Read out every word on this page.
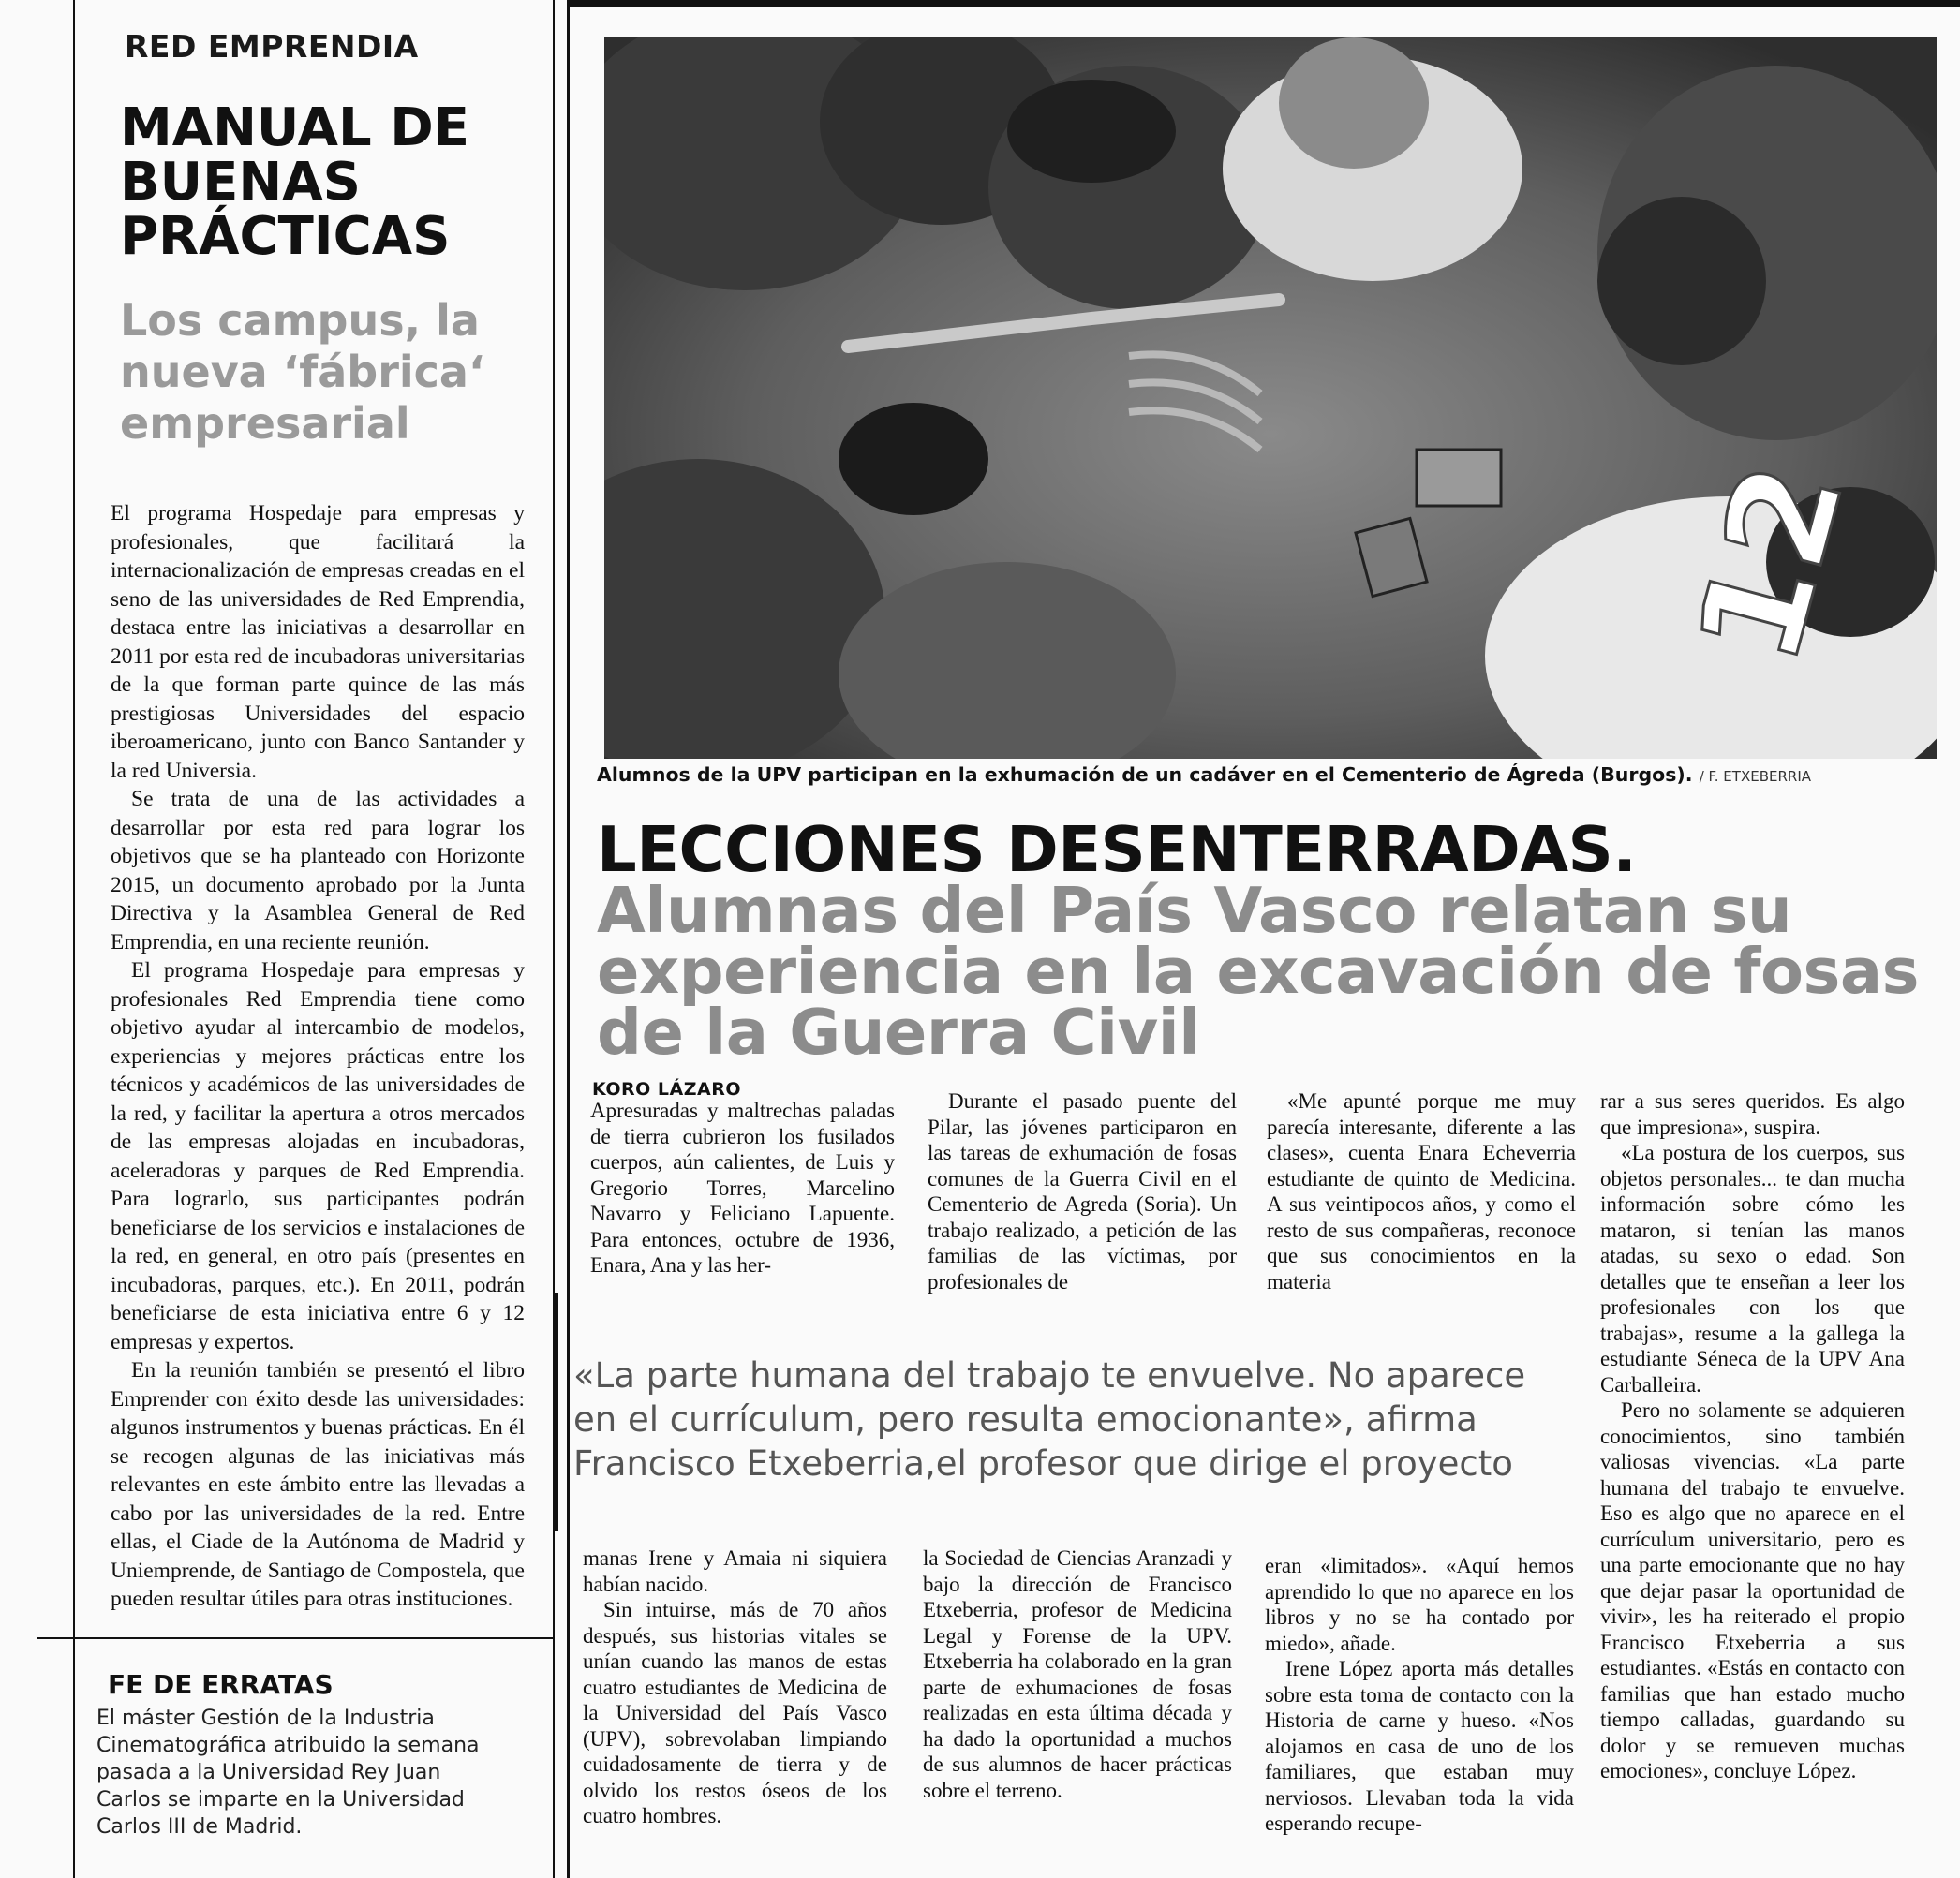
RED EMPRENDIA
MANUAL DE BUENAS PRÁCTICAS
Los campus, la nueva ‘fábrica‘ empresarial

El programa Hospedaje para empresas y profesionales, que facilitará la internacionalización de empresas creadas en el seno de las universidades de Red Emprendia, destaca entre las iniciativas a desarrollar en 2011 por esta red de incubadoras universitarias de la que forman parte quince de las más prestigiosas Universidades del espacio iberoamericano, junto con Banco Santander y la red Universia.

Se trata de una de las actividades a desarrollar por esta red para lograr los objetivos que se ha planteado con Horizonte 2015, un documento aprobado por la Junta Directiva y la Asamblea General de Red Emprendia, en una reciente reunión.

El programa Hospedaje para empresas y profesionales Red Emprendia tiene como objetivo ayudar al intercambio de modelos, experiencias y mejores prácticas entre los técnicos y académicos de las universidades de la red, y facilitar la apertura a otros mercados de las empresas alojadas en incubadoras, aceleradoras y parques de Red Emprendia. Para lograrlo, sus participantes podrán beneficiarse de los servicios e instalaciones de la red, en general, en otro país (presentes en incubadoras, parques, etc.). En 2011, podrán beneficiarse de esta iniciativa entre 6 y 12 empresas y expertos.

En la reunión también se presentó el libro Emprender con éxito desde las universidades: algunos instrumentos y buenas prácticas. En él se recogen algunas de las iniciativas más relevantes en este ámbito entre las llevadas a cabo por las universidades de la red. Entre ellas, el Ciade de la Autónoma de Madrid y Uniemprende, de Santiago de Compostela, que pueden resultar útiles para otras instituciones.

FE DE ERRATAS
El máster Gestión de la Industria Cinematográfica atribuido la semana pasada a la Universidad Rey Juan Carlos se imparte en la Universidad Carlos III de Madrid.
12
Alumnos de la UPV participan en la exhumación de un cadáver en el Cementerio de Ágreda (Burgos). / F. ETXEBERRIA
LECCIONES DESENTERRADAS. Alumnas del País Vasco relatan su experiencia en la excavación de fosas de la Guerra Civil
KORO LÁZARO

Apresuradas y maltrechas paladas de tierra cubrieron los fusilados cuerpos, aún calientes, de Luis y Gregorio Torres, Marcelino Navarro y Feliciano Lapuente. Para entonces, octubre de 1936, Enara, Ana y las her-

Durante el pasado puente del Pilar, las jóvenes participaron en las tareas de exhumación de fosas comunes de la Guerra Civil en el Cementerio de Agreda (Soria). Un trabajo realizado, a petición de las familias de las víctimas, por profesionales de

«Me apunté porque me muy parecía interesante, diferente a las clases», cuenta Enara Echeverria estudiante de quinto de Medicina. A sus veintipocos años, y como el resto de sus compañeras, reconoce que sus conocimientos en la materia

«La parte humana del trabajo te envuelve. No aparece en el currículum, pero resulta emocionante», afirma Francisco Etxeberria,el profesor que dirige el proyecto

manas Irene y Amaia ni siquiera habían nacido.

Sin intuirse, más de 70 años después, sus historias vitales se unían cuando las manos de estas cuatro estudiantes de Medicina de la Universidad del País Vasco (UPV), sobrevolaban limpiando cuidadosamente de tierra y de olvido los restos óseos de los cuatro hombres.

la Sociedad de Ciencias Aranzadi y bajo la dirección de Francisco Etxeberria, profesor de Medicina Legal y Forense de la UPV. Etxeberria ha colaborado en la gran parte de exhumaciones de fosas realizadas en esta última década y ha dado la oportunidad a muchos de sus alumnos de hacer prácticas sobre el terreno.

eran «limitados». «Aquí hemos aprendido lo que no aparece en los libros y no se ha contado por miedo», añade.

Irene López aporta más detalles sobre esta toma de contacto con la Historia de carne y hueso. «Nos alojamos en casa de uno de los familiares, que estaban muy nerviosos. Llevaban toda la vida esperando recupe-

rar a sus seres queridos. Es algo que impresiona», suspira.

«La postura de los cuerpos, sus objetos personales... te dan mucha información sobre cómo les mataron, si tenían las manos atadas, su sexo o edad. Son detalles que te enseñan a leer los profesionales con los que trabajas», resume a la gallega la estudiante Séneca de la UPV Ana Carballeira.

Pero no solamente se adquieren conocimientos, sino también valiosas vivencias. «La parte humana del trabajo te envuelve. Eso es algo que no aparece en el currículum universitario, pero es una parte emocionante que no hay que dejar pasar la oportunidad de vivir», les ha reiterado el propio Francisco Etxeberria a sus estudiantes. «Estás en contacto con familias que han estado mucho tiempo calladas, guardando su dolor y se remueven muchas emociones», concluye López.
